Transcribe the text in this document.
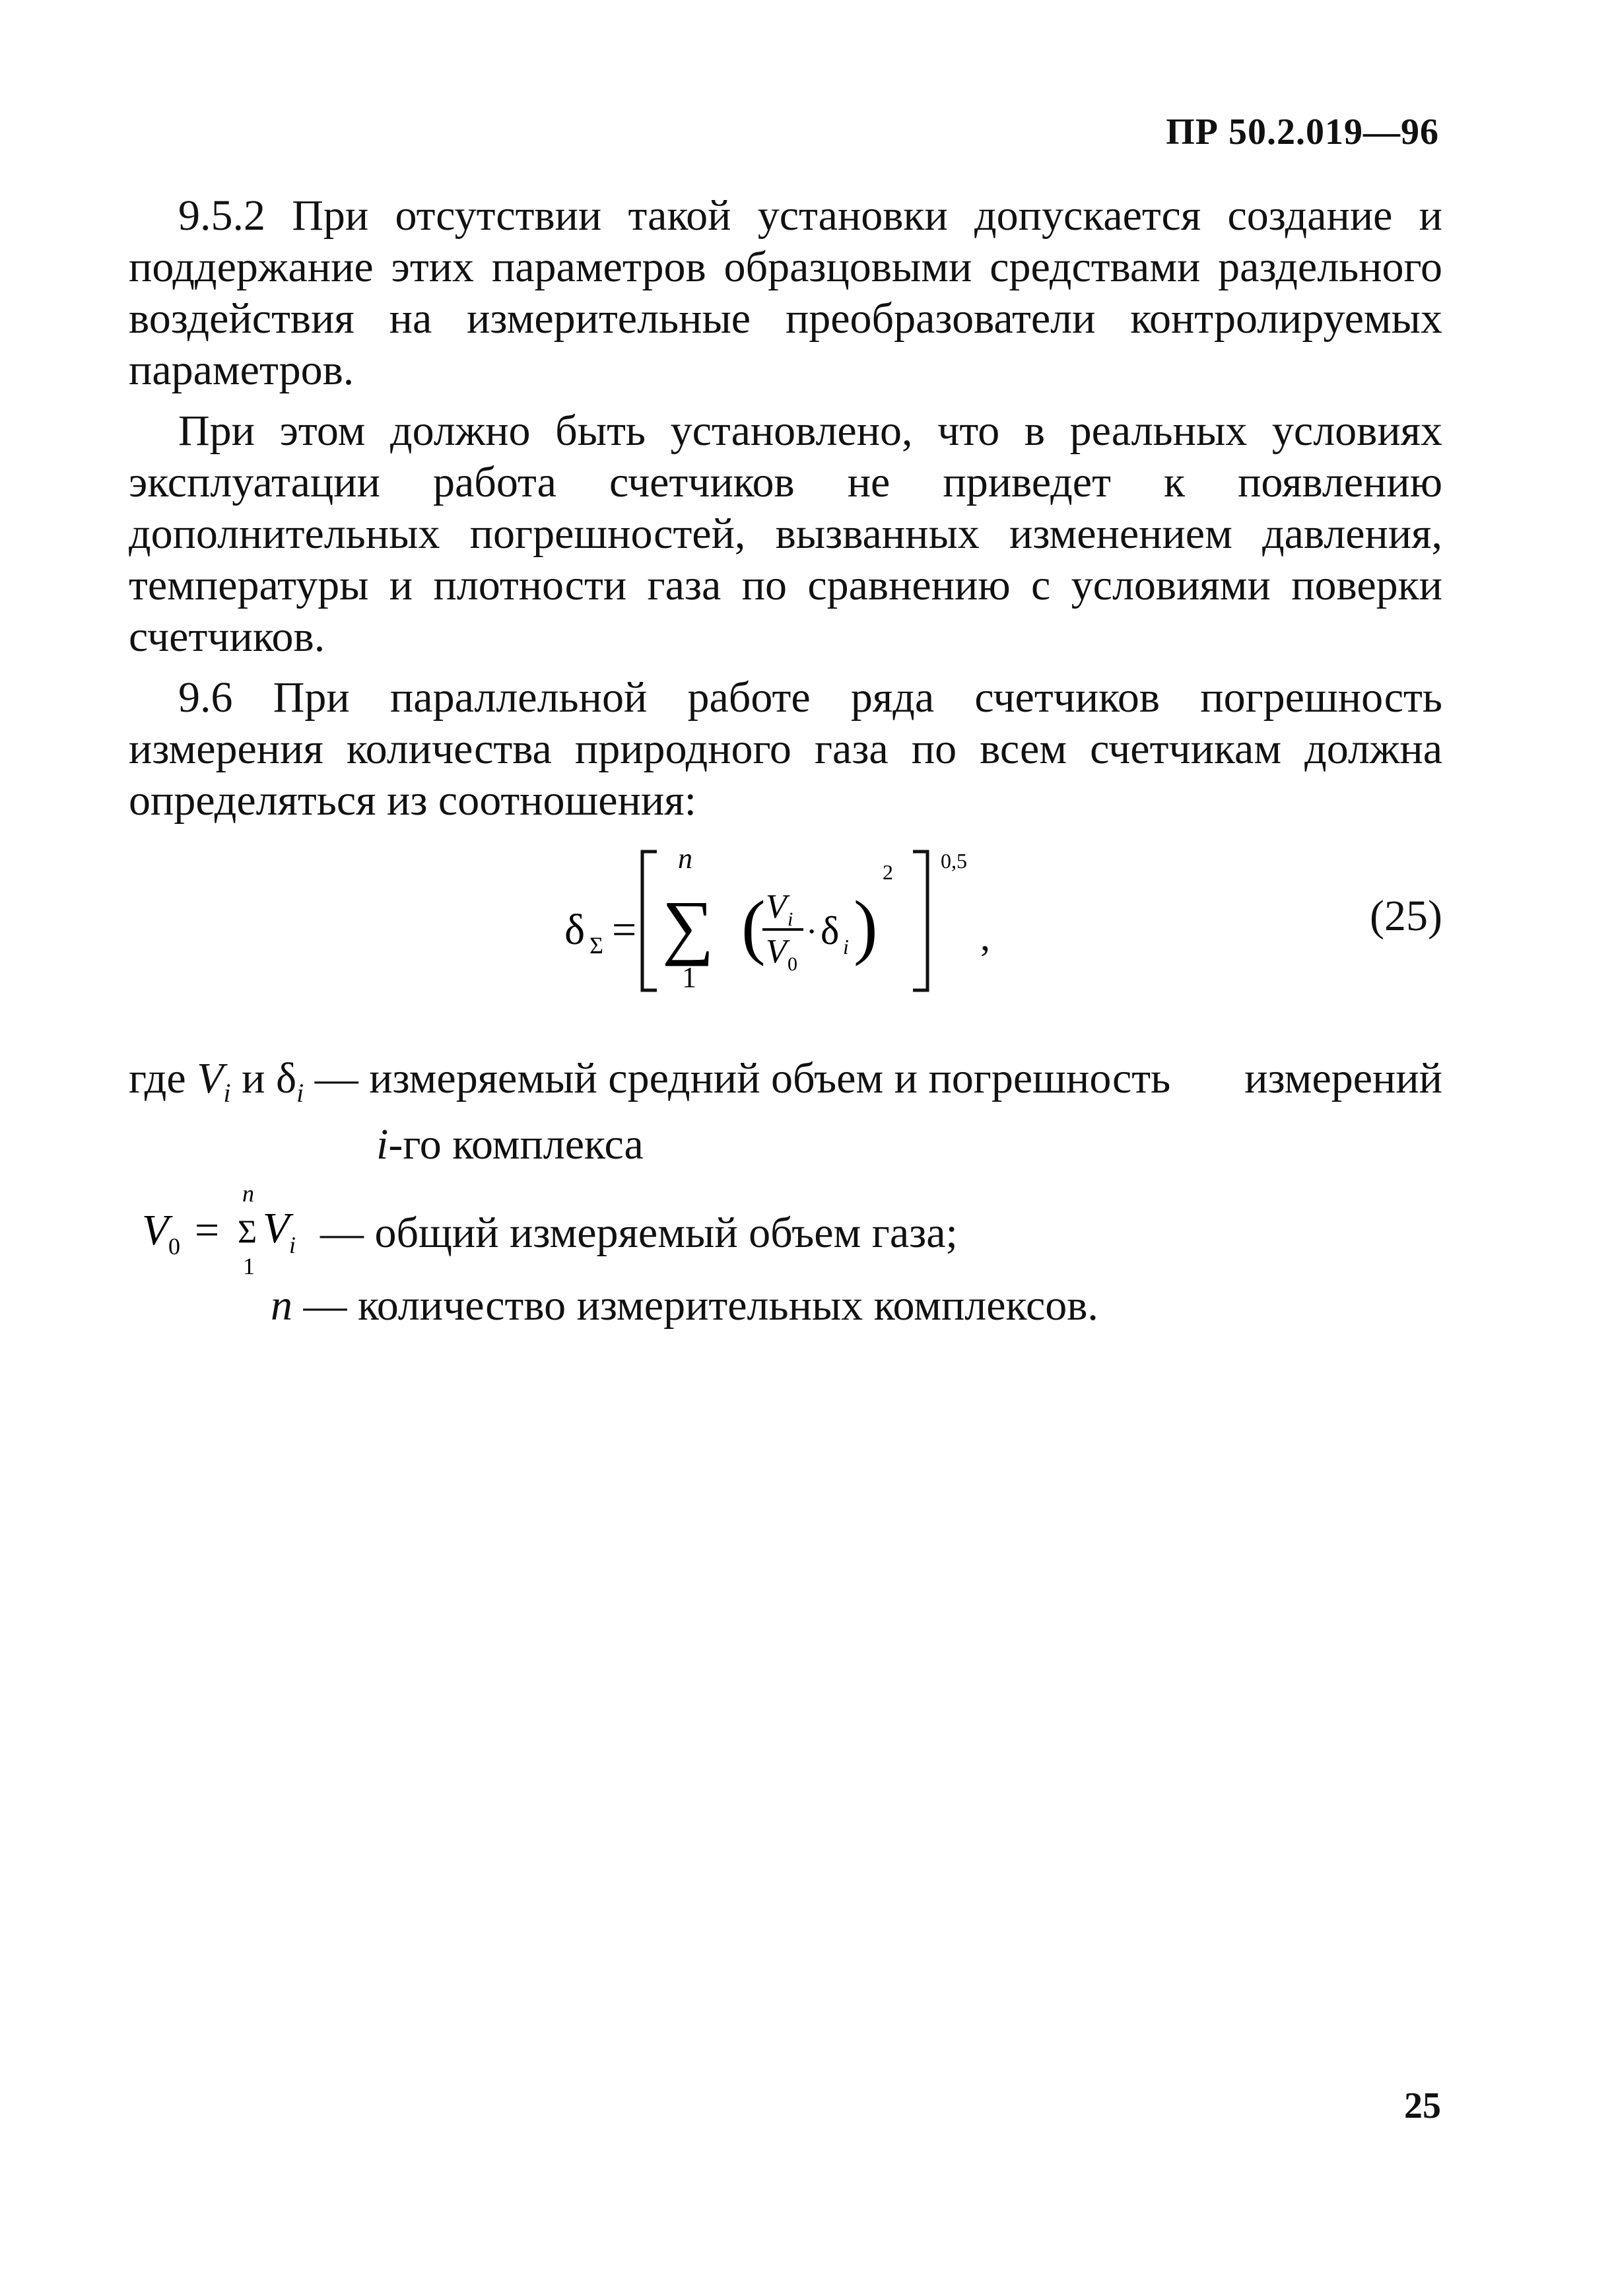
ПР 50.2.019—96

9.5.2 При отсутствии такой установки допускается создание и поддержание этих параметров образцовыми средствами раздельного воздействия на измерительные преобразователи контролируемых параметров.

При этом должно быть установлено, что в реальных условиях эксплуатации работа счетчиков не приведет к появлению дополнительных погрешностей, вызванных изменением давления, температуры и плотности газа по сравнению с условиями поверки счетчиков.

9.6 При параллельной работе ряда счетчиков погрешность измерения количества природного газа по всем счетчикам должна определяться из соотношения:

δ Σ =
n
∑
1
( V i
V 0
· δ i )
2 0,5
,	(25)
где $V_i$ и $\delta_i$ — измеряемый средний объем и погрешность измерений
i-го комплекса
V 0 =
n
Σ
1
V i — общий измеряемый объем газа;
n — количество измерительных комплексов.
25
